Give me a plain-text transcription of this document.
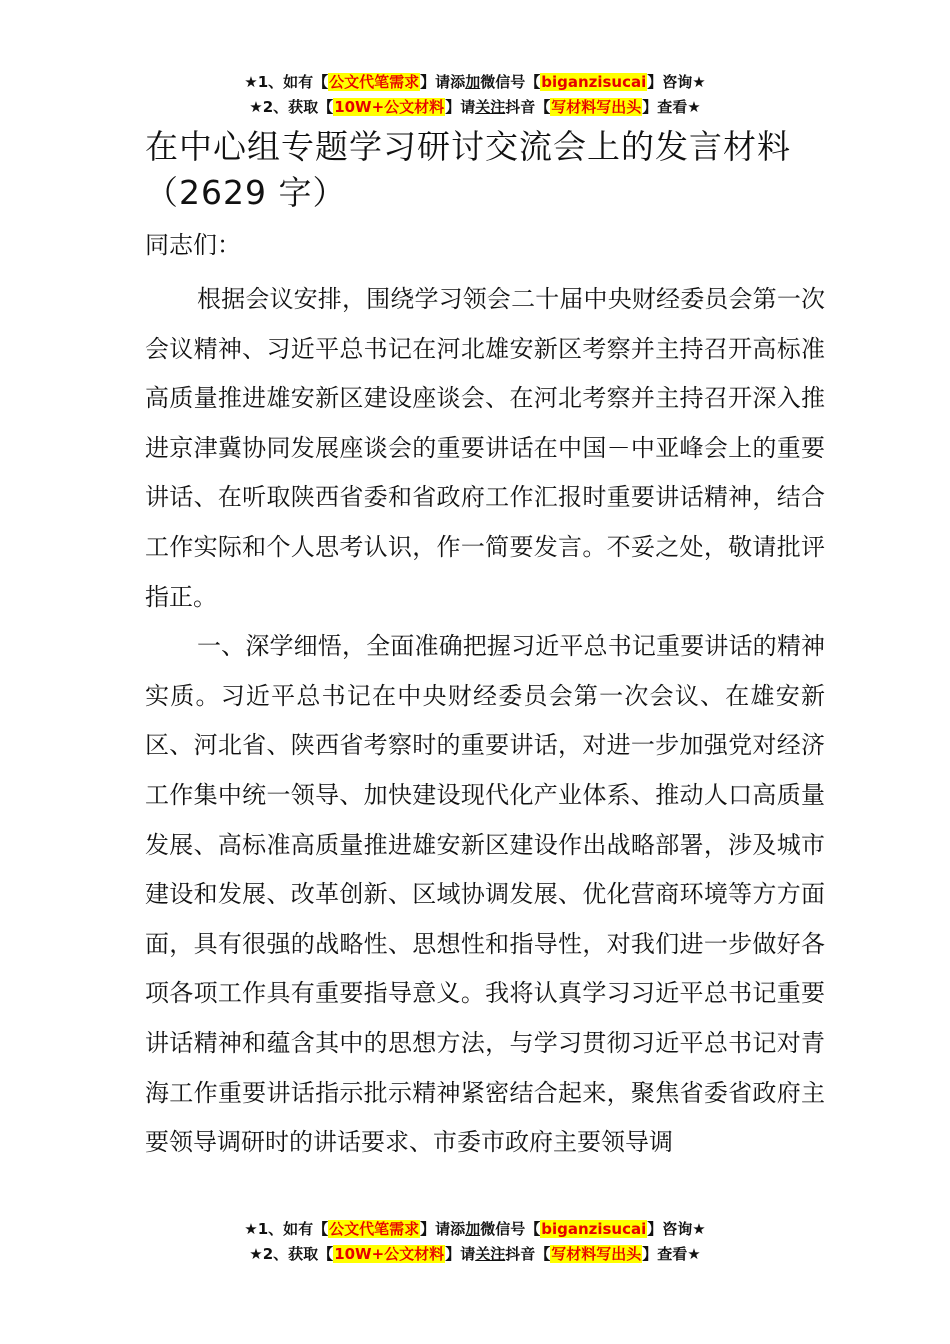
★1、如有【公文代笔需求】请添加微信号【biganzisucai】咨询★
★2、获取【10W+公文材料】请关注抖音【写材料写出头】查看★
在中心组专题学习研讨交流会上的发言材料（2629 字）

同志们：

根据会议安排，围绕学习领会二十届中央财经委员会第一次会议精神、习近平总书记在河北雄安新区考察并主持召开高标准高质量推进雄安新区建设座谈会、在河北考察并主持召开深入推进京津冀协同发展座谈会的重要讲话在中国－中亚峰会上的重要讲话、在听取陕西省委和省政府工作汇报时重要讲话精神，结合工作实际和个人思考认识，作一简要发言。不妥之处，敬请批评指正。

一、深学细悟，全面准确把握习近平总书记重要讲话的精神实质。习近平总书记在中央财经委员会第一次会议、在雄安新区、河北省、陕西省考察时的重要讲话，对进一步加强党对经济工作集中统一领导、加快建设现代化产业体系、推动人口高质量发展、高标准高质量推进雄安新区建设作出战略部署，涉及城市建设和发展、改革创新、区域协调发展、优化营商环境等方方面面，具有很强的战略性、思想性和指导性，对我们进一步做好各项各项工作具有重要指导意义。我将认真学习习近平总书记重要讲话精神和蕴含其中的思想方法，与学习贯彻习近平总书记对青海工作重要讲话指示批示精神紧密结合起来，聚焦省委省政府主要领导调研时的讲话要求、市委市政府主要领导调

★1、如有【公文代笔需求】请添加微信号【biganzisucai】咨询★
★2、获取【10W+公文材料】请关注抖音【写材料写出头】查看★
